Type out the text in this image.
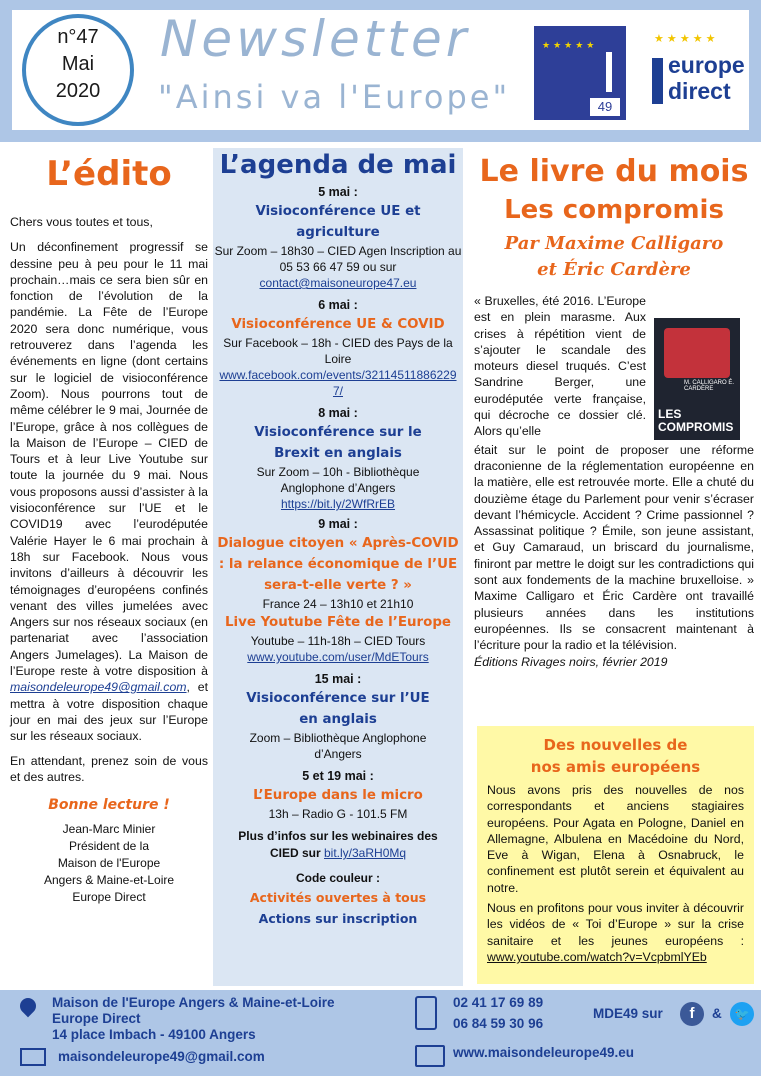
n°47
Mai
2020
Newsletter
"Ainsi va l'Europe"
★★★★★
49
★ ★ ★ ★ ★
europe
direct
L’édito

Chers vous toutes et tous,

Un déconfinement progressif se dessine peu à peu pour le 11 mai prochain…mais ce sera bien sûr en fonction de l’évolution de la pandémie. La Fête de l’Europe 2020 sera donc numérique, vous retrouverez dans l’agenda les événements en ligne (dont certains sur le logiciel de visioconférence Zoom). Nous pourrons tout de même célébrer le 9 mai, Journée de l’Europe, grâce à nos collègues de la Maison de l’Europe – CIED de Tours et à leur Live Youtube sur toute la journée du 9 mai. Nous vous proposons aussi d’assister à la visioconférence sur l’UE et le COVID19 avec l’eurodéputée Valérie Hayer le 6 mai prochain à 18h sur Facebook. Nous vous invitons d’ailleurs à découvrir les témoignages d’européens confinés venant des villes jumelées avec Angers sur nos réseaux sociaux (en partenariat avec l’association Angers Jumelages). La Maison de l’Europe reste à votre disposition à maisondeleurope49@gmail.com, et mettra à votre disposition chaque jour en mai des jeux sur l’Europe sur les réseaux sociaux.

En attendant, prenez soin de vous et des autres.

Bonne lecture !
Jean-Marc Minier
Président de la
Maison de l'Europe
Angers & Maine-et-Loire
Europe Direct
L’agenda de mai
5 mai :
Visioconférence UE et agriculture
Sur Zoom – 18h30 – CIED Agen Inscription au 05 53 66 47 59 ou sur
contact@maisoneurope47.eu
6 mai :
Visioconférence UE & COVID
Sur Facebook – 18h - CIED des Pays de la Loire
www.facebook.com/events/321145118862297/
8 mai :
Visioconférence sur le Brexit en anglais
Sur Zoom – 10h - Bibliothèque Anglophone d’Angers
https://bit.ly/2WfRrEB
9 mai :
Dialogue citoyen « Après-COVID : la relance économique de l’UE sera-t-elle verte ? »
France 24 – 13h10 et 21h10
Live Youtube Fête de l’Europe
Youtube – 11h-18h – CIED Tours
www.youtube.com/user/MdETours
15 mai :
Visioconférence sur l’UE en anglais
Zoom – Bibliothèque Anglophone d’Angers
5 et 19 mai :
L’Europe dans le micro
13h – Radio G - 101.5 FM
Plus d’infos sur les webinaires des CIED sur bit.ly/3aRH0Mq
Code couleur :
Activités ouvertes à tous
Actions sur inscription
Le livre du mois
Les compromis
Par Maxime Calligaro
et Éric Cardère
M. CALLIGARO É. CARDÈRE
LES COMPROMIS

« Bruxelles, été 2016. L’Europe est en plein marasme. Aux crises à répétition vient de s’ajouter le scandale des moteurs diesel truqués. C’est Sandrine Berger, une eurodéputée verte française, qui décroche ce dossier clé. Alors qu’elle

était sur le point de proposer une réforme draconienne de la réglementation européenne en la matière, elle est retrouvée morte. Elle a chuté du douzième étage du Parlement pour venir s’écraser devant l’hémicycle. Accident ? Crime passionnel ? Assassinat politique ? Émile, son jeune assistant, et Guy Camaraud, un briscard du journalisme, finiront par mettre le doigt sur les contradictions qui sont aux fondements de la machine bruxelloise. » Maxime Calligaro et Éric Cardère ont travaillé plusieurs années dans les institutions européennes. Ils se consacrent maintenant à l’écriture pour la radio et la télévision.

Éditions Rivages noirs, février 2019

Des nouvelles de
nos amis européens

Nous avons pris des nouvelles de nos correspondants et anciens stagiaires européens. Pour Agata en Pologne, Daniel en Allemagne, Albulena en Macédoine du Nord, Eve à Wigan, Elena à Osnabruck, le confinement est plutôt serein et équivalent au notre.

Nous en profitons pour vous inviter à découvrir les vidéos de « Toi d’Europe » sur la crise sanitaire et les jeunes européens : www.youtube.com/watch?v=VcpbmlYEb

Maison de l'Europe Angers & Maine-et-Loire
Europe Direct
14 place Imbach - 49100 Angers
maisondeleurope49@gmail.com
02 41 17 69 89
06 84 59 30 96
www.maisondeleurope49.eu
MDE49 sur	f	&	🐦
